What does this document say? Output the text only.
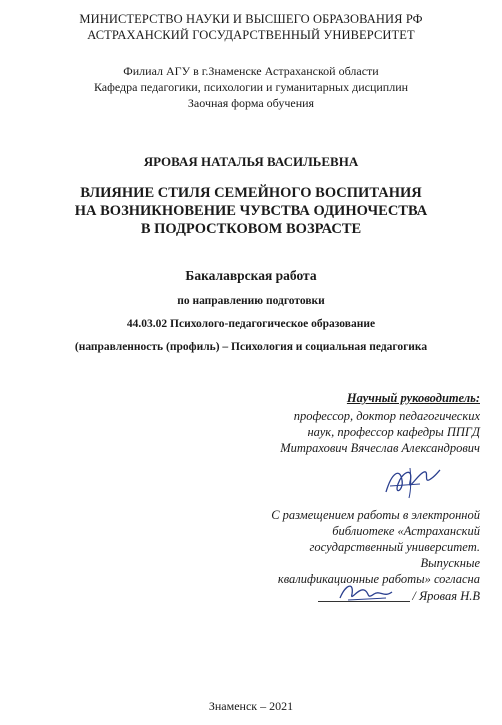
МИНИСТЕРСТВО НАУКИ И ВЫСШЕГО ОБРАЗОВАНИЯ РФ
АСТРАХАНСКИЙ ГОСУДАРСТВЕННЫЙ УНИВЕРСИТЕТ
Филиал АГУ в г.Знаменске Астраханской области
Кафедра педагогики, психологии и гуманитарных дисциплин
Заочная форма обучения
ЯРОВАЯ НАТАЛЬЯ ВАСИЛЬЕВНА
ВЛИЯНИЕ СТИЛЯ СЕМЕЙНОГО ВОСПИТАНИЯ
НА ВОЗНИКНОВЕНИЕ ЧУВСТВА ОДИНОЧЕСТВА
В ПОДРОСТКОВОМ ВОЗРАСТЕ
Бакалаврская работа
по направлению подготовки
44.03.02 Психолого-педагогическое образование
(направленность (профиль) – Психология и социальная педагогика
Научный руководитель:
профессор, доктор педагогических
наук, профессор кафедры ППГД
Митрахович Вячеслав Александрович
С размещением работы в электронной
библиотеке «Астраханский
государственный университет.
Выпускные
квалификационные работы» согласна
/ Яровая Н.В
Знаменск – 2021
